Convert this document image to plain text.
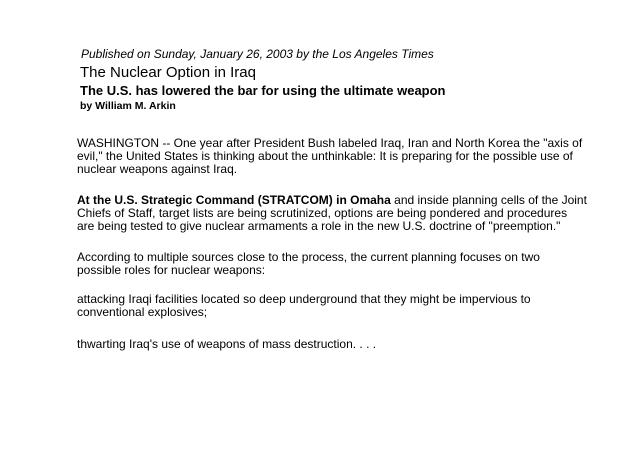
Published on Sunday, January 26, 2003 by the Los Angeles Times
The Nuclear Option in Iraq
The U.S. has lowered the bar for using the ultimate weapon
by William M. Arkin

WASHINGTON -- One year after President Bush labeled Iraq, Iran and North Korea the "axis of evil," the United States is thinking about the unthinkable: It is preparing for the possible use of nuclear weapons against Iraq.

At the U.S. Strategic Command (STRATCOM) in Omaha and inside planning cells of the Joint Chiefs of Staff, target lists are being scrutinized, options are being pondered and procedures are being tested to give nuclear armaments a role in the new U.S. doctrine of "preemption."

According to multiple sources close to the process, the current planning focuses on two possible roles for nuclear weapons:

attacking Iraqi facilities located so deep underground that they might be impervious to conventional explosives;

thwarting Iraq's use of weapons of mass destruction. . . .
